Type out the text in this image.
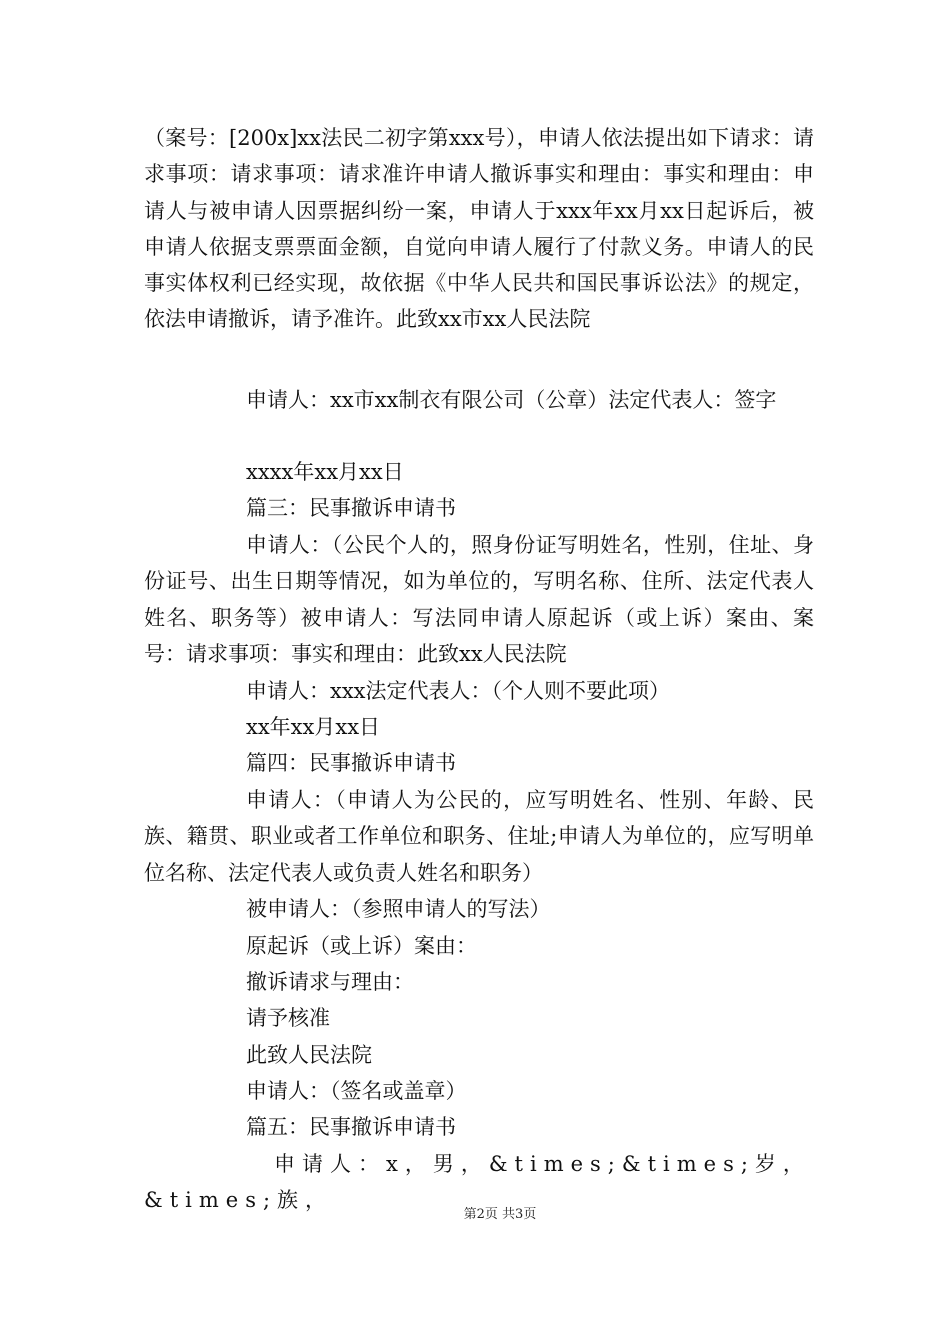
（案号：[200x]xx法民二初字第xxx号），申请人依法提出如下请求：请求事项：请求事项：请求准许申请人撤诉事实和理由：事实和理由：申请人与被申请人因票据纠纷一案，申请人于xxx年xx月xx日起诉后，被申请人依据支票票面金额，自觉向申请人履行了付款义务。申请人的民事实体权利已经实现，故依据《中华人民共和国民事诉讼法》的规定，依法申请撤诉，请予准许。此致xx市xx人民法院

申请人：xx市xx制衣有限公司（公章）法定代表人：签字

xxxx年xx月xx日

篇三：民事撤诉申请书

申请人：（公民个人的，照身份证写明姓名，性别，住址、身份证号、出生日期等情况，如为单位的，写明名称、住所、法定代表人姓名、职务等）被申请人：写法同申请人原起诉（或上诉）案由、案号：请求事项：事实和理由：此致xx人民法院

申请人：xxx法定代表人：（个人则不要此项）

xx年xx月xx日

篇四：民事撤诉申请书

申请人：（申请人为公民的，应写明姓名、性别、年龄、民族、籍贯、职业或者工作单位和职务、住址;申请人为单位的，应写明单位名称、法定代表人或负责人姓名和职务）

被申请人：（参照申请人的写法）

原起诉（或上诉）案由：

撤诉请求与理由：

请予核准

此致人民法院

申请人：（签名或盖章）

篇五：民事撤诉申请书

申请人：x，男，&times;&times;岁，&times;族，

第2页 共3页
